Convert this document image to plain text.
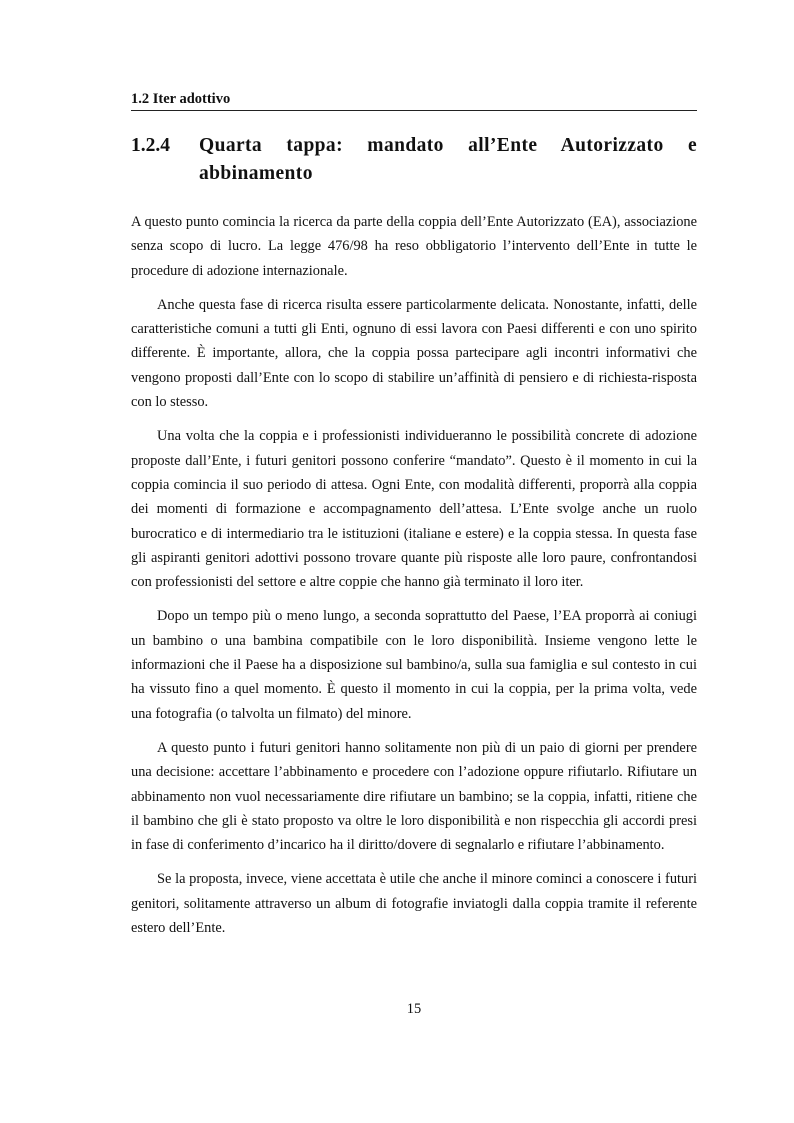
1.2 Iter adottivo
1.2.4	Quarta tappa: mandato all’Ente Autorizzato e abbinamento

A questo punto comincia la ricerca da parte della coppia dell’Ente Autorizzato (EA), associazione senza scopo di lucro. La legge 476/98 ha reso obbligatorio l’intervento dell’Ente in tutte le procedure di adozione internazionale.

Anche questa fase di ricerca risulta essere particolarmente delicata. Nonostante, infatti, delle caratteristiche comuni a tutti gli Enti, ognuno di essi lavora con Paesi differenti e con uno spirito differente. È importante, allora, che la coppia possa partecipare agli incontri informativi che vengono proposti dall’Ente con lo scopo di stabilire un’affinità di pensiero e di richiesta-risposta con lo stesso.

Una volta che la coppia e i professionisti individueranno le possibilità concrete di adozione proposte dall’Ente, i futuri genitori possono conferire “mandato”. Questo è il momento in cui la coppia comincia il suo periodo di attesa. Ogni Ente, con modalità differenti, proporrà alla coppia dei momenti di formazione e accompagnamento dell’attesa. L’Ente svolge anche un ruolo burocratico e di intermediario tra le istituzioni (italiane e estere) e la coppia stessa. In questa fase gli aspiranti genitori adottivi possono trovare quante più risposte alle loro paure, confrontandosi con professionisti del settore e altre coppie che hanno già terminato il loro iter.

Dopo un tempo più o meno lungo, a seconda soprattutto del Paese, l’EA proporrà ai coniugi un bambino o una bambina compatibile con le loro disponibilità. Insieme vengono lette le informazioni che il Paese ha a disposizione sul bambino/a, sulla sua famiglia e sul contesto in cui ha vissuto fino a quel momento. È questo il momento in cui la coppia, per la prima volta, vede una fotografia (o talvolta un filmato) del minore.

A questo punto i futuri genitori hanno solitamente non più di un paio di giorni per prendere una decisione: accettare l’abbinamento e procedere con l’adozione oppure rifiutarlo. Rifiutare un abbinamento non vuol necessariamente dire rifiutare un bambino; se la coppia, infatti, ritiene che il bambino che gli è stato proposto va oltre le loro disponibilità e non rispecchia gli accordi presi in fase di conferimento d’incarico ha il diritto/dovere di segnalarlo e rifiutare l’abbinamento.

Se la proposta, invece, viene accettata è utile che anche il minore cominci a conoscere i futuri genitori, solitamente attraverso un album di fotografie inviatogli dalla coppia tramite il referente estero dell’Ente.

15
